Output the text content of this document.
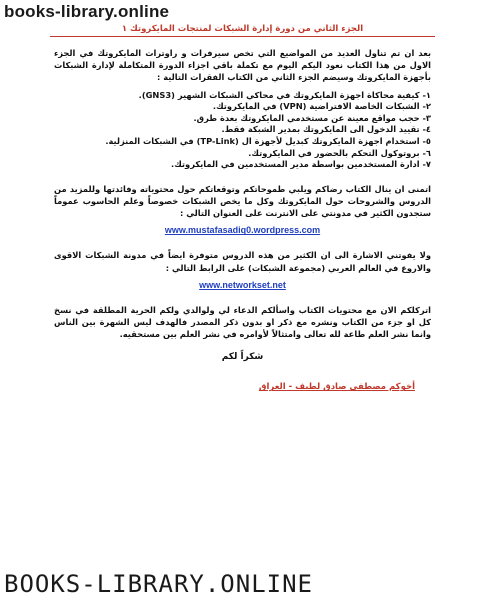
books-library.online
الجزء الثاني من دورة إدارة الشبكات لمنتجات المايكروتك ١

بعد ان تم تناول العديد من المواضيع التي تخص سيرفرات و راوترات المايكروتك في الجزء الاول من هذا الكتاب نعود اليكم اليوم مع تكملة باقي اجزاء الدورة المتكاملة لإدارة الشبكات بأجهزة المايكروتك وسيضم الجزء الثاني من الكتاب الفقرات التالية :

١- كيفية محاكاة اجهزة المايكروتك في محاكي الشبكات الشهير (GNS3).
٢- الشبكات الخاصة الافتراضية (VPN) في المايكروتك.
٣- حجب مواقع معينة عن مستخدمي المايكروتك بعدة طرق.
٤- تقييد الدخول الى المايكروتك بمدير الشبكة فقط.
٥- استخدام اجهزة المايكروتك كبديل لأجهزة ال (TP-Link) في الشبكات المنزلية.
٦- بروتوكول التحكم بالحضور في المايكروتك.
٧- ادارة المستخدمين بواسطة مدير المستخدمين في المايكروتك.

اتمنى ان ينال الكتاب رضاكم ويلبي طموحاتكم وتوقعاتكم حول محتوياته وفائدتها وللمزيد من الدروس والشروحات حول المايكروتك وكل ما يخص الشبكات خصوصاً وعلم الحاسوب عموماً ستجدون الكثير في مدونتي على الانترنت على العنوان التالي :

www.mustafasadiq0.wordpress.com

ولا يفوتني الاشارة الى ان الكثير من هذه الدروس متوفرة ايضاً في مدونة الشبكات الاقوى والاروع في العالم العربي (مجموعة الشبكات) على الرابط التالي :

www.networkset.net

اتركلكم الان مع محتويات الكتاب واسألكم الدعاء لي ولوالدي ولكم الحرية المطلقة في نسخ كل او جزء من الكتاب ونشره مع ذكر او بدون ذكر المصدر فالهدف ليس الشهرة بين الناس وانما نشر العلم طاعة لله تعالى وامتثالاً لأوامره في نشر العلم بين مستحقيه.

شكراً لكم
أخوكم مصطفى صادق لطيف - العراق
BOOKS-LIBRARY.ONLINE
